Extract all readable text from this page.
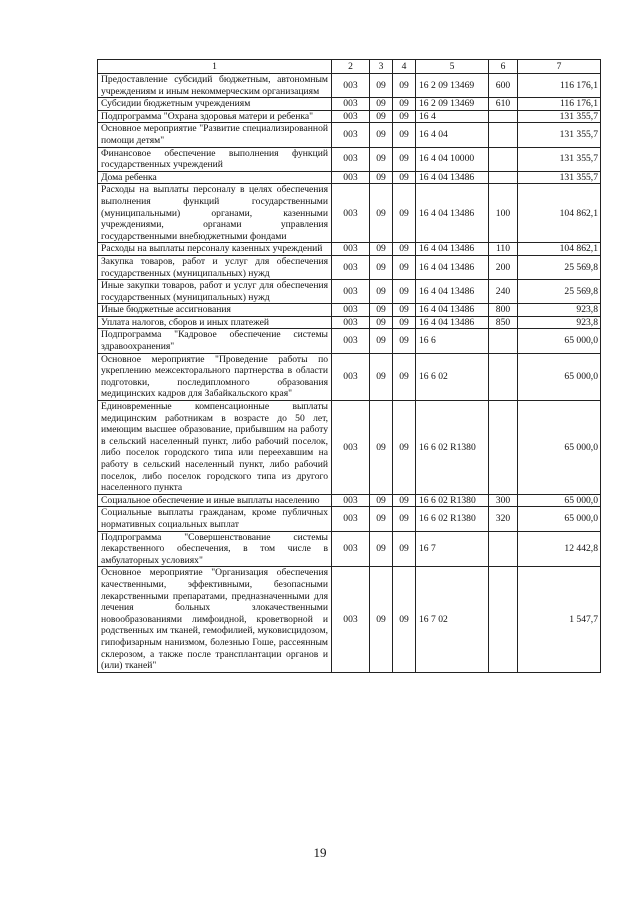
1	2	3	4	5	6	7
Предоставление субсидий бюджетным, автономным учреждениям и иным некоммерческим организациям	003	09	09	16 2 09 13469	600	116 176,1
Субсидии бюджетным учреждениям	003	09	09	16 2 09 13469	610	116 176,1
Подпрограмма "Охрана здоровья матери и ребенка"	003	09	09	16 4		131 355,7
Основное мероприятие "Развитие специализированной помощи детям"	003	09	09	16 4 04		131 355,7
Финансовое обеспечение выполнения функций государственных учреждений	003	09	09	16 4 04 10000		131 355,7
Дома ребенка	003	09	09	16 4 04 13486		131 355,7
Расходы на выплаты персоналу в целях обеспечения выполнения функций государственными (муниципальными) органами, казенными учреждениями, органами управления государственными внебюджетными фондами	003	09	09	16 4 04 13486	100	104 862,1
Расходы на выплаты персоналу казенных учреждений	003	09	09	16 4 04 13486	110	104 862,1
Закупка товаров, работ и услуг для обеспечения государственных (муниципальных) нужд	003	09	09	16 4 04 13486	200	25 569,8
Иные закупки товаров, работ и услуг для обеспечения государственных (муниципальных) нужд	003	09	09	16 4 04 13486	240	25 569,8
Иные бюджетные ассигнования	003	09	09	16 4 04 13486	800	923,8
Уплата налогов, сборов и иных платежей	003	09	09	16 4 04 13486	850	923,8
Подпрограмма "Кадровое обеспечение системы здравоохранения"	003	09	09	16 6		65 000,0
Основное мероприятие "Проведение работы по укреплению межсекторального партнерства в области подготовки, последипломного образования медицинских кадров для Забайкальского края"	003	09	09	16 6 02		65 000,0
Единовременные компенсационные выплаты медицинским работникам в возрасте до 50 лет, имеющим высшее образование, прибывшим на работу в сельский населенный пункт, либо рабочий поселок, либо поселок городского типа или переехавшим на работу в сельский населенный пункт, либо рабочий поселок, либо поселок городского типа из другого населенного пункта	003	09	09	16 6 02 R1380		65 000,0
Социальное обеспечение и иные выплаты населению	003	09	09	16 6 02 R1380	300	65 000,0
Социальные выплаты гражданам, кроме публичных нормативных социальных выплат	003	09	09	16 6 02 R1380	320	65 000,0
Подпрограмма "Совершенствование системы лекарственного обеспечения, в том числе в амбулаторных условиях"	003	09	09	16 7		12 442,8
Основное мероприятие "Организация обеспечения качественными, эффективными, безопасными лекарственными препаратами, предназначенными для лечения больных злокачественными новообразованиями лимфоидной, кроветворной и родственных им тканей, гемофилией, муковисцидозом, гипофизарным нанизмом, болезнью Гоше, рассеянным склерозом, а также после трансплантации органов и (или) тканей"	003	09	09	16 7 02		1 547,7
19
